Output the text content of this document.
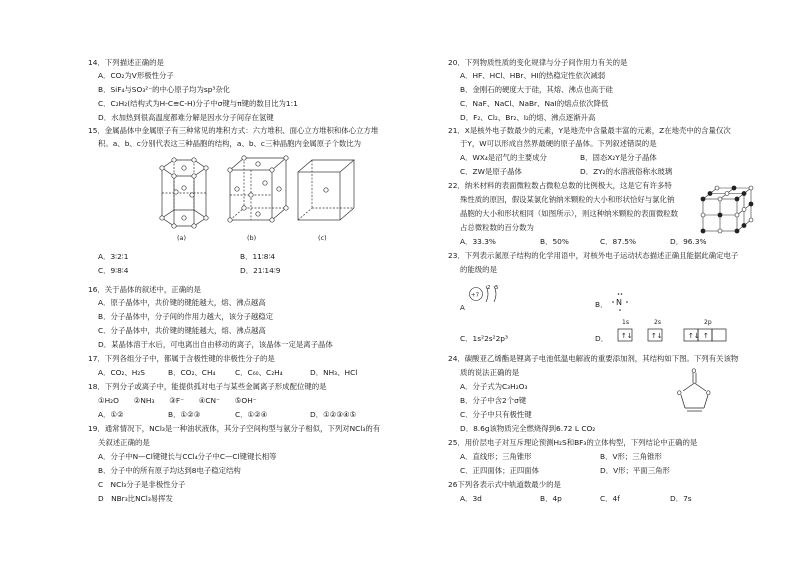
14．下列描述正确的是
A．CO₂为V形极性分子
B．SiF₄与SO₃²⁻的中心原子均为sp³杂化
C．C₂H₂(结构式为H-C≡C-H)分子中σ键与π键的数目比为1:1
D．水加热到很高温度都难分解是因水分子间存在氢键
15．金属晶体中金属原子有三种常见的堆积方式：六方堆积、面心立方堆积和体心立方堆
积。a、b、c分别代表这三种晶胞的结构，a、b、c三种晶胞内金属原子个数比为
(a)	(b)	(c)
A．3∶2∶1	B．11∶8∶4
C．9∶8∶4	D．21∶14∶9
16．关于晶体的叙述中，正确的是
A．原子晶体中，共价键的键能越大，熔、沸点越高
B．分子晶体中，分子间的作用力越大，该分子越稳定
C．分子晶体中，共价键的键能越大，熔、沸点越高
D．某晶体溶于水后，可电离出自由移动的离子，该晶体一定是离子晶体
17．下列各组分子中，都属于含极性键的非极性分子的是
A．CO₂、H₂S	B．CO₂、CH₄	C．C₆₀、C₂H₄	D．NH₃、HCl
18．下列分子或离子中，能提供孤对电子与某些金属离子形成配位键的是
①H₂O　　②NH₃　　③F⁻　　④CN⁻　　⑤OH⁻
A．①②	B．①②③	C．①②④	D．①②③④⑤
19．通常情况下，NCl₃是一种油状液体，其分子空间构型与氨分子相似，下列对NCl₃的有
关叙述正确的是
A．分子中N—Cl键键长与CCl₄分子中C—Cl键键长相等
B．分子中的所有原子均达到8电子稳定结构
C　NCl₃分子是非极性分子
D　NBr₃比NCl₃易挥发
20．下列物质性质的变化规律与分子间作用力有关的是
A．HF、HCl、HBr、HI的热稳定性依次减弱
B．金刚石的硬度大于硅，其熔、沸点也高于硅
C．NaF、NaCl、NaBr、NaI的熔点依次降低
D．F₂、Cl₂、Br₂、I₂的熔、沸点逐渐升高
21．X是核外电子数最少的元素，Y是地壳中含量最丰富的元素，Z在地壳中的含量仅次
于Y，W可以形成自然界最硬的原子晶体。下列叙述错误的是
A．WX₄是沼气的主要成分	B．固态X₂Y是分子晶体
C．ZW是原子晶体	D．ZY₂的水溶液俗称水玻璃
22．纳米材料的表面微粒数占微粒总数的比例极大，这是它有许多特
殊性质的原因，假设某氯化钠纳米颗粒的大小和形状恰好与氯化钠
晶胞的大小和形状相同（如图所示），则这种纳米颗粒的表面微粒数
占总微粒数的百分数为
A．33.3%	B．50%	C．87.5%	D．96.3%
23．下列表示氮原子结构的化学用语中，对核外电子运动状态描述正确且能据此确定电子
的能级的是
+7
2 5
A	B． N
C．1s²2s²2p³	D．
1s	2s	2p
↑↓	↑↓	↑↓ ↑
24．碳酸亚乙烯酯是锂离子电池低温电解液的重要添加剂，其结构如下图。下列有关该物
质的说法正确的是
A．分子式为C₃H₂O₃
B．分子中含2个σ键
C．分子中只有极性键
D．8.6g该物质完全燃烧得到6.72 L CO₂
O
O	O
25．用价层电子对互斥理论预测H₂S和BF₃的立体构型，下列结论中正确的是
A．直线形；三角锥形	B．V形；三角锥形
C．正四面体；正四面体	D．V形；平面三角形
26下列各表示式中轨道数最少的是
A．3d	B．4p	C．4f	D．7s
